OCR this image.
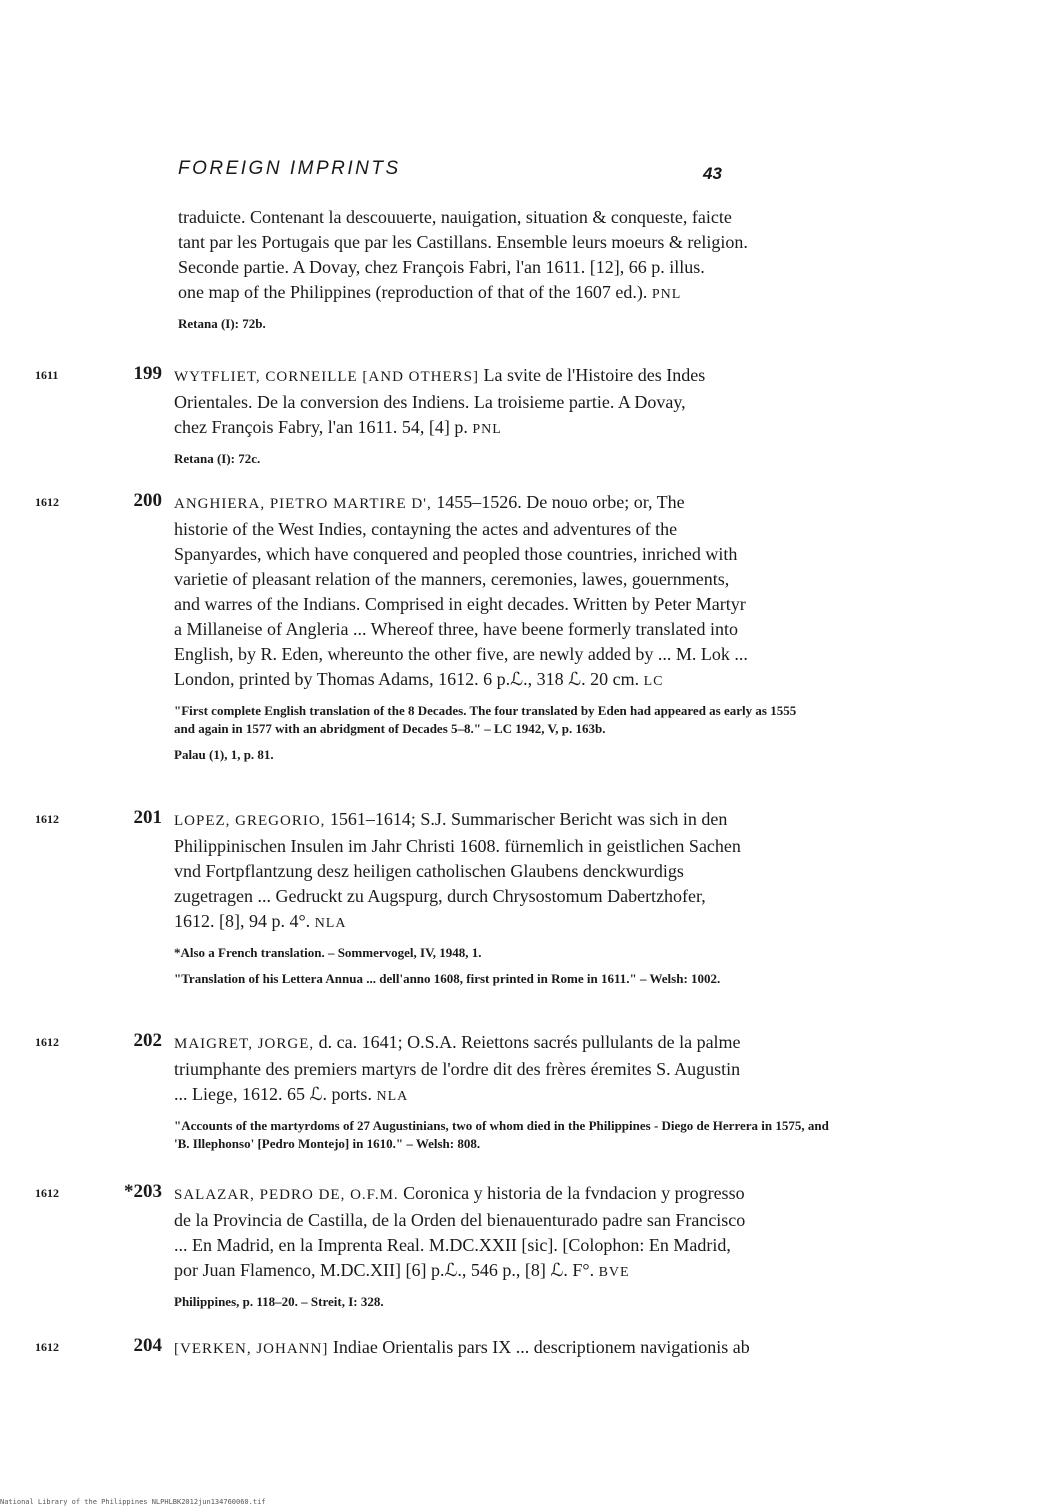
FOREIGN IMPRINTS	43

traduicte. Contenant la descouuerte, nauigation, situation & conqueste, faicte

tant par les Portugais que par les Castillans. Ensemble leurs moeurs & religion.

Seconde partie. A Dovay, chez François Fabri, l'an 1611. [12], 66 p. illus.

one map of the Philippines (reproduction of that of the 1607 ed.). PNL

Retana (I): 72b.

1611	199 WYTFLIET, CORNEILLE [AND OTHERS] La svite de l'Histoire des Indes

Orientales. De la conversion des Indiens. La troisieme partie. A Dovay,

chez François Fabry, l'an 1611. 54, [4] p. PNL

Retana (I): 72c.

1612	200 ANGHIERA, PIETRO MARTIRE D', 1455–1526. De nouo orbe; or, The

historie of the West Indies, contayning the actes and adventures of the

Spanyardes, which have conquered and peopled those countries, inriched with

varietie of pleasant relation of the manners, ceremonies, lawes, gouernments,

and warres of the Indians. Comprised in eight decades. Written by Peter Martyr

a Millaneise of Angleria ... Whereof three, have beene formerly translated into

English, by R. Eden, whereunto the other five, are newly added by ... M. Lok ...

London, printed by Thomas Adams, 1612. 6 p.ℒ., 318 ℒ. 20 cm. LC

"First complete English translation of the 8 Decades. The four translated by Eden had appeared as early as 1555 and again in 1577 with an abridgment of Decades 5–8." – LC 1942, V, p. 163b.

Palau (1), 1, p. 81.

1612	201 LOPEZ, GREGORIO, 1561–1614; S.J. Summarischer Bericht was sich in den

Philippinischen Insulen im Jahr Christi 1608. fürnemlich in geistlichen Sachen

vnd Fortpflantzung desz heiligen catholischen Glaubens denckwurdigs

zugetragen ... Gedruckt zu Augspurg, durch Chrysostomum Dabertzhofer,

1612. [8], 94 p. 4°. NLA

*Also a French translation. – Sommervogel, IV, 1948, 1.

"Translation of his Lettera Annua ... dell'anno 1608, first printed in Rome in 1611." – Welsh: 1002.

1612	202 MAIGRET, JORGE, d. ca. 1641; O.S.A. Reiettons sacrés pullulants de la palme

triumphante des premiers martyrs de l'ordre dit des frères éremites S. Augustin

... Liege, 1612. 65 ℒ. ports. NLA

"Accounts of the martyrdoms of 27 Augustinians, two of whom died in the Philippines - Diego de Herrera in 1575, and 'B. Illephonso' [Pedro Montejo] in 1610." – Welsh: 808.

1612	*203 SALAZAR, PEDRO DE, O.F.M. Coronica y historia de la fvndacion y progresso

de la Provincia de Castilla, de la Orden del bienauenturado padre san Francisco

... En Madrid, en la Imprenta Real. M.DC.XXII [sic]. [Colophon: En Madrid,

por Juan Flamenco, M.DC.XII] [6] p.ℒ., 546 p., [8] ℒ. F°. BVE

Philippines, p. 118–20. – Streit, I: 328.

1612	204 [VERKEN, JOHANN] Indiae Orientalis pars IX ... descriptionem navigationis ab

National Library of the Philippines NLPHLBK2012jun134760060.tif
